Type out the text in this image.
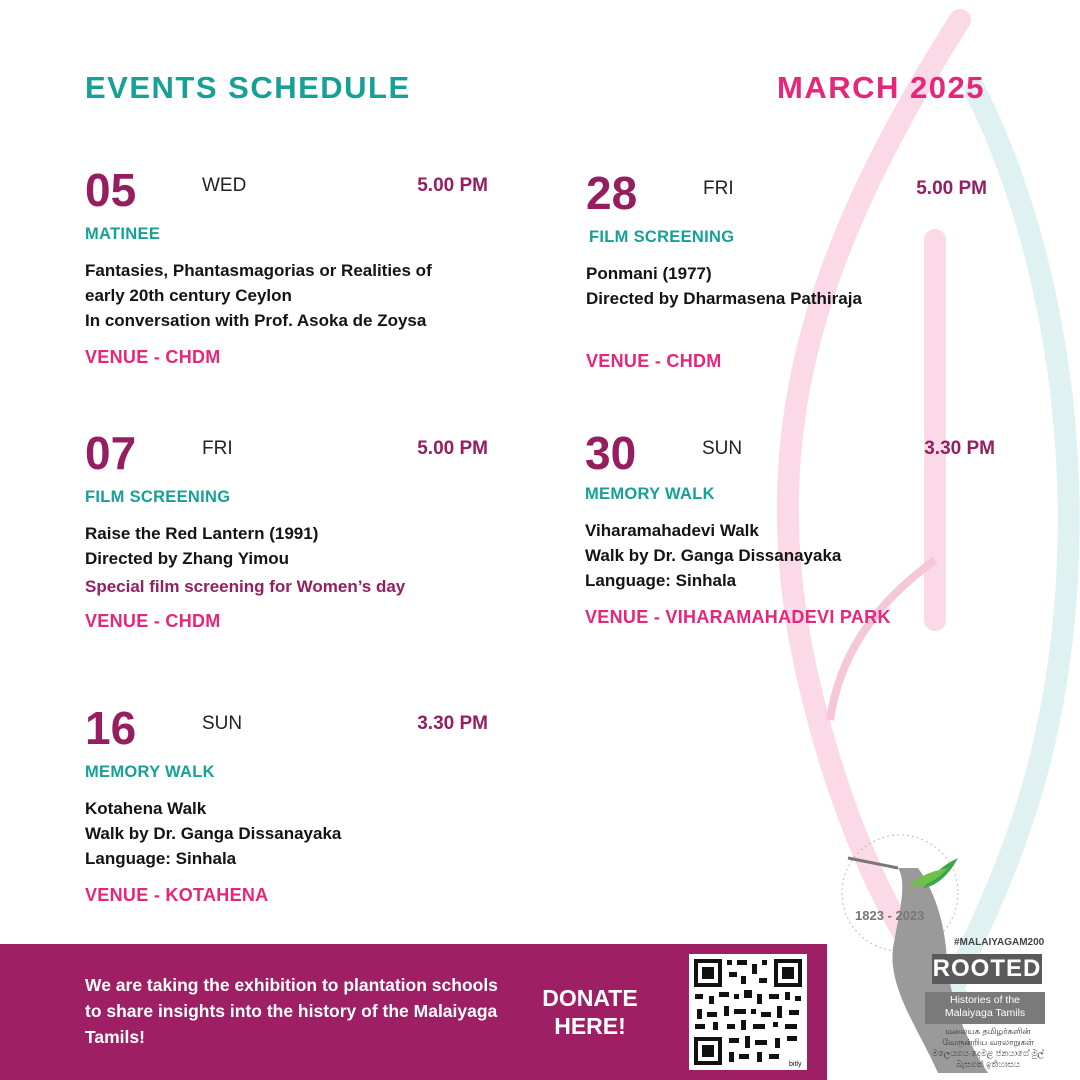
EVENTS SCHEDULE	MARCH 2025
05	WED	5.00 PM
MATINEE
Fantasies, Phantasmagorias or Realities of
early 20th century Ceylon
In conversation with Prof. Asoka de Zoysa
VENUE - CHDM
07	FRI	5.00 PM
FILM SCREENING
Raise the Red Lantern (1991)
Directed by Zhang Yimou
Special film screening for Women’s day
VENUE - CHDM
16	SUN	3.30 PM
MEMORY WALK
Kotahena Walk
Walk by Dr. Ganga Dissanayaka
Language: Sinhala
VENUE - KOTAHENA
28	FRI	5.00 PM
FILM SCREENING
Ponmani (1977)
Directed by Dharmasena Pathiraja
VENUE - CHDM
30	SUN	3.30 PM
MEMORY WALK
Viharamahadevi Walk
Walk by Dr. Ganga Dissanayaka
Language: Sinhala
VENUE - VIHARAMAHADEVI PARK
We are taking the exhibition to plantation schools to share insights into the history of the Malaiyaga Tamils!
DONATE HERE!
bitly
1823 - 2023
#MALAIYAGAM200
ROOTED
Histories of the Malaiyaga Tamils
மலையக தமிழர்களின் வேருன்றிய வரலாறுகள்
මලෙයගය දෙමළ ජනයාගේ මුල් බැසගත් ඉතිහාසය
